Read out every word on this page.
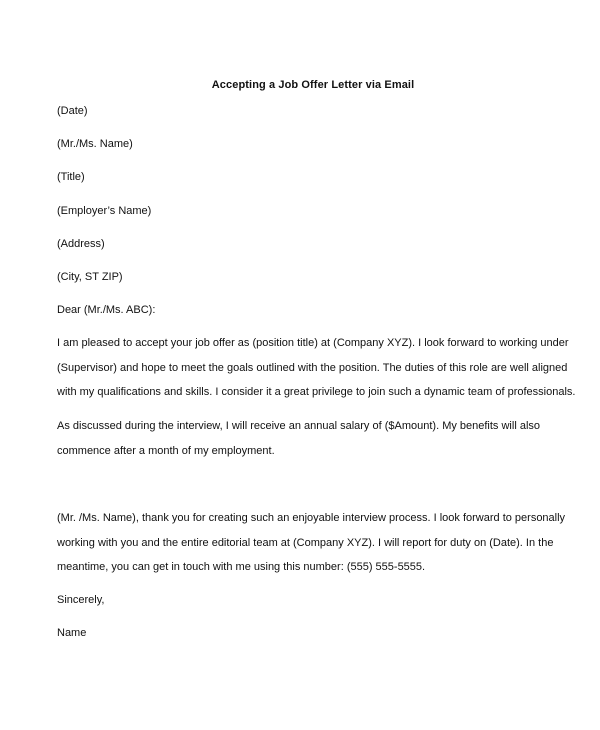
Accepting a Job Offer Letter via Email
(Date)
(Mr./Ms. Name)
(Title)
(Employer’s Name)
(Address)
(City, ST ZIP)
Dear (Mr./Ms. ABC):
I am pleased to accept your job offer as (position title) at (Company XYZ). I look forward to working under
(Supervisor) and hope to meet the goals outlined with the position. The duties of this role are well aligned
with my qualifications and skills. I consider it a great privilege to join such a dynamic team of professionals.
As discussed during the interview, I will receive an annual salary of ($Amount). My benefits will also
commence after a month of my employment.
(Mr. /Ms. Name), thank you for creating such an enjoyable interview process. I look forward to personally
working with you and the entire editorial team at (Company XYZ). I will report for duty on (Date). In the
meantime, you can get in touch with me using this number: (555) 555-5555.
Sincerely,
Name
